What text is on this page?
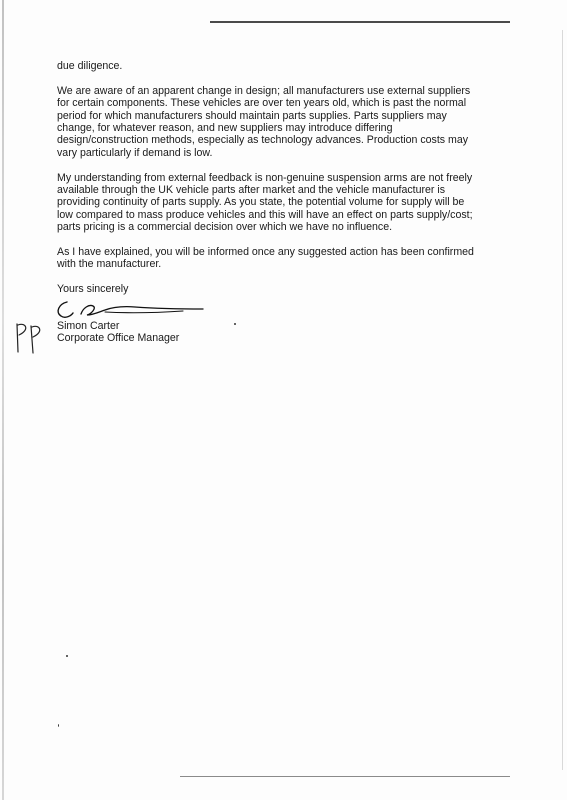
due diligence.

We are aware of an apparent change in design; all manufacturers use external suppliers
for certain components. These vehicles are over ten years old, which is past the normal
period for which manufacturers should maintain parts supplies. Parts suppliers may
change, for whatever reason, and new suppliers may introduce differing
design/construction methods, especially as technology advances. Production costs may
vary particularly if demand is low.

My understanding from external feedback is non-genuine suspension arms are not freely
available through the UK vehicle parts after market and the vehicle manufacturer is
providing continuity of parts supply. As you state, the potential volume for supply will be
low compared to mass produce vehicles and this will have an effect on parts supply/cost;
parts pricing is a commercial decision over which we have no influence.

As I have explained, you will be informed once any suggested action has been confirmed
with the manufacturer.

Yours sincerely
Simon Carter
Corporate Office Manager
